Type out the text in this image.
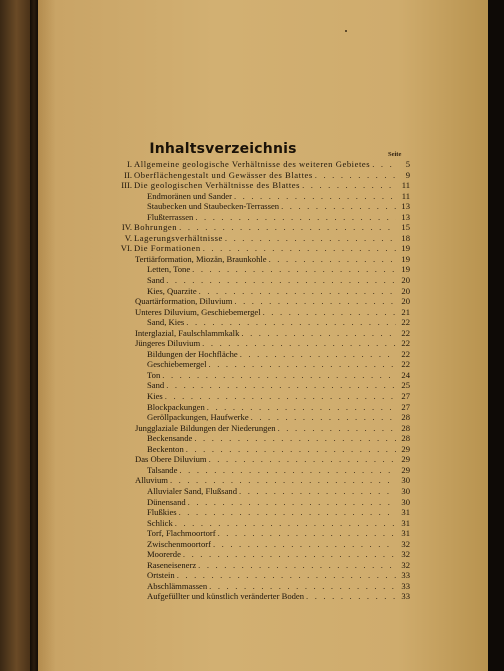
Inhaltsverzeichnis	Seite
I. Allgemeine geologische Verhältnisse des weiteren Gebietes . . .	5
II. Oberflächengestalt und Gewässer des Blattes . . .	9
III. Die geologischen Verhältnisse des Blattes . . .	11
Endmoränen und Sander . . .	11
Staubecken und Staubecken-Terrassen . . .	13
Flußterrassen . . .	13
IV. Bohrungen . . .	15
V. Lagerungsverhältnisse . . .	18
VI. Die Formationen . . .	19
Tertiärformation, Miozän, Braunkohle . . .	19
Letten, Tone . . .	19
Sand . . .	20
Kies, Quarzite . . .	20
Quartärformation, Diluvium . . .	20
Unteres Diluvium, Geschiebemergel . . .	21
Sand, Kies . . .	22
Interglazial, Faulschlammkalk . . .	22
Jüngeres Diluvium . . .	22
Bildungen der Hochfläche . . .	22
Geschiebemergel . . .	22
Ton . . .	24
Sand . . .	25
Kies . . .	27
Blockpackungen . . .	27
Geröllpackungen, Haufwerke . . .	28
Jungglaziale Bildungen der Niederungen . . .	28
Beckensande . . .	28
Beckenton . . .	29
Das Obere Diluvium . . .	29
Talsande . . .	29
Alluvium . . .	30
Alluvialer Sand, Flußsand . . .	30
Dünensand . . .	30
Flußkies . . .	31
Schlick . . .	31
Torf, Flachmoortorf . . .	31
Zwischenmoortorf . . .	32
Moorerde . . .	32
Raseneisenerz . . .	32
Ortstein . . .	33
Abschlämmassen . . .	33
Aufgefüllter und künstlich veränderter Boden . . .	33
